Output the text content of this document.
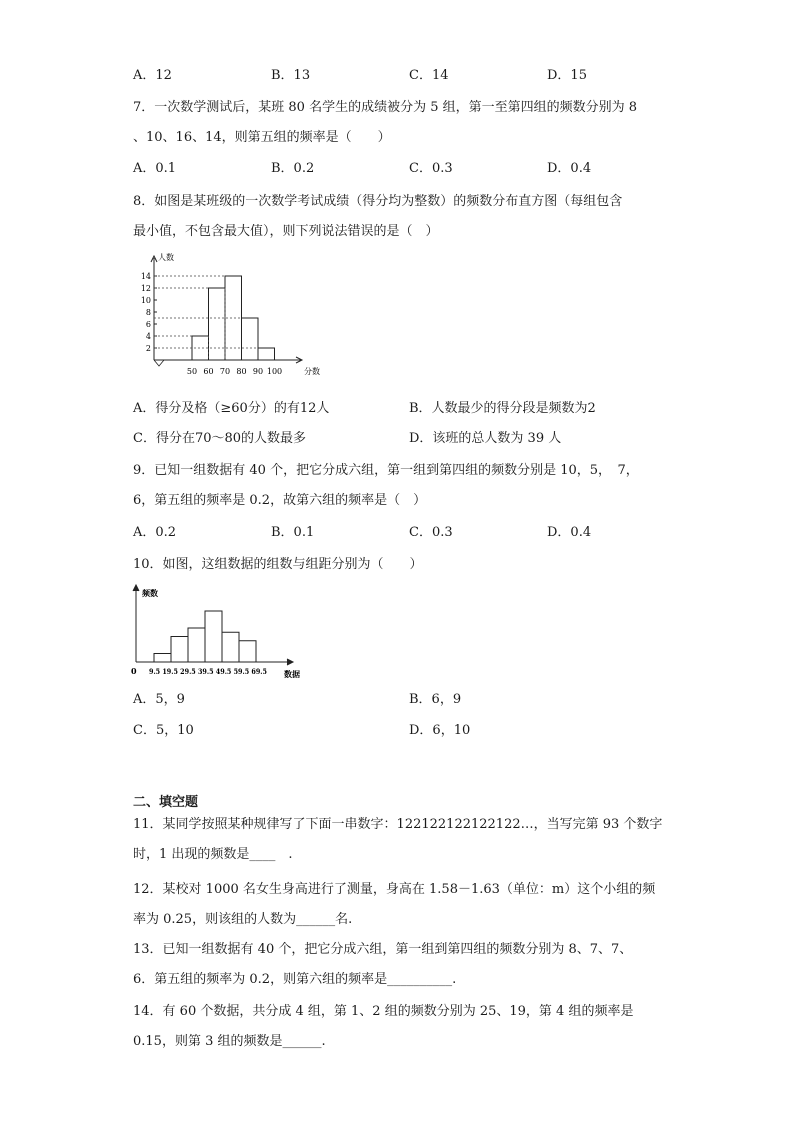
A．12	B．13	C．14	D．15
7．一次数学测试后，某班 80 名学生的成绩被分为 5 组，第一至第四组的频数分别为 8
、10、16、14，则第五组的频率是（　　）
A．0.1	B．0.2	C．0.3	D．0.4
8．如图是某班级的一次数学考试成绩（得分均为整数）的频数分布直方图（每组包含
最小值，不包含最大值），则下列说法错误的是（　）
人数
分数
2
4
6
8
10
12
14
50 60 70 80 90 100
A．得分及格（≥60分）的有12人	B．人数最少的得分段是频数为2
C．得分在70～80的人数最多	D．该班的总人数为 39 人
9．已知一组数据有 40 个，把它分成六组，第一组到第四组的频数分别是 10，5，　7，
6，第五组的频率是 0.2，故第六组的频率是（　）
A．0.2	B．0.1	C．0.3	D．0.4
10．如图，这组数据的组数与组距分别为（　　）
频数
数据
0 9.5 19.5 29.5 39.5 49.5 59.5 69.5
A．5，9	B．6，9
C．5，10	D．6，10
二、填空题
11．某同学按照某种规律写了下面一串数字：122122122122122…，当写完第 93 个数字
时，1 出现的频数是____　.
12．某校对 1000 名女生身高进行了测量，身高在 1.58－1.63（单位：m）这个小组的频
率为 0.25，则该组的人数为______名.
13．已知一组数据有 40 个，把它分成六组，第一组到第四组的频数分别为 8、7、7、
6．第五组的频率为 0.2，则第六组的频率是__________.
14．有 60 个数据，共分成 4 组，第 1、2 组的频数分别为 25、19，第 4 组的频率是
0.15，则第 3 组的频数是______.
